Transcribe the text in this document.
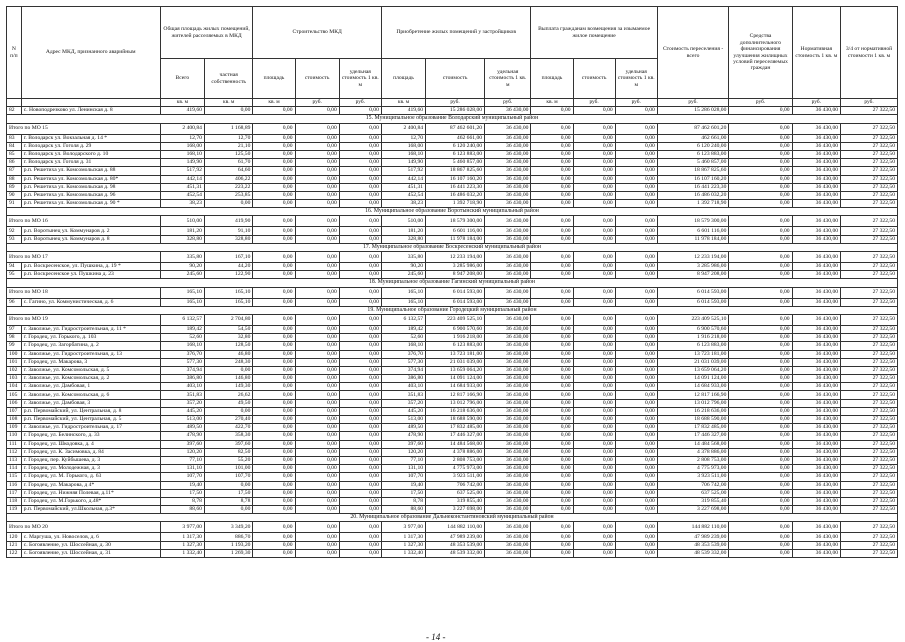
N п/п	Адрес МКД, признанного аварийным	Общая площадь жилых помещений, жителей расселяемых в МКД		Строительство МКД			Приобретение жилых помещений у застройщиков			Выплата гражданам возмещения за изымаемое жилое помещение			Стоимость переселения - всего	Средства дополнительного финансирования улучшения жилищных условий переселяемых граждан	Нормативная стоимость 1 кв. м	3/4 от нормативной стоимости 1 кв. м
		Всего	частная собственность	площадь	стоимость	удельная стоимость 1 кв. м	площадь	стоимость	удельная стоимость 1 кв. м	площадь	стоимость	удельная стоимость 1 кв. м				
		кв. м	кв. м	кв. м	руб.	руб.	кв. м	руб.	руб.	кв. м	руб.	руб.	руб.	руб.	руб.	руб.
82	с. Новоподрезково ул. Ленинская д. 8	419,60	0,00	0,00	0,00	0,00	419,60	15 286 028,00	36 430,00	0,00	0,00	0,00	15 286 028,00	0,00	36 430,00	27 322,50
15. Муниципальное образование Володарский муниципальный район																
Итого по МО 15		2 400,84	1 168,89	0,00	0,00	0,00	2 400,84	87 462 601,20	36 430,00	0,00	0,00	0,00	87 462 601,20	0,00	36 430,00	27 322,50
83	г. Володарск ул. Вокзальная д. 14 *	12,70	12,70	0,00	0,00	0,00	12,70	462 661,00	36 430,00	0,00	0,00	0,00	462 661,00	0,00	36 430,00	27 322,50
84	г. Володарск ул. Гоголя д. 29	168,00	21,10	0,00	0,00	0,00	168,00	6 120 240,00	36 430,00	0,00	0,00	0,00	6 120 240,00	0,00	36 430,00	27 322,50
85	г. Володарск ул. Володарского д. 10	168,10	125,50	0,00	0,00	0,00	168,10	6 123 883,00	36 430,00	0,00	0,00	0,00	6 123 883,00	0,00	36 430,00	27 322,50
86	г. Володарск ул. Гоголя д. 31	149,90	61,70	0,00	0,00	0,00	149,90	5 460 857,00	36 430,00	0,00	0,00	0,00	5 460 857,00	0,00	36 430,00	27 322,50
87	р.п. Решетиха ул. Комсомольская д. 88	517,92	64,60	0,00	0,00	0,00	517,92	18 867 825,60	36 430,00	0,00	0,00	0,00	18 867 825,60	0,00	36 430,00	27 322,50
88	р.п. Решетиха ул. Комсомольская д. 80*	442,14	406,22	0,00	0,00	0,00	442,14	16 107 160,20	36 430,00	0,00	0,00	0,00	16 107 160,20	0,00	36 430,00	27 322,50
89	р.п. Решетиха ул. Комсомольская д. 98	451,31	223,22	0,00	0,00	0,00	451,31	16 441 223,30	36 430,00	0,00	0,00	0,00	16 441 223,30	0,00	36 430,00	27 322,50
90	р.п. Решетиха ул. Комсомольская д. 96	452,54	253,85	0,00	0,00	0,00	452,54	16 486 032,20	36 430,00	0,00	0,00	0,00	16 486 032,20	0,00	36 430,00	27 322,50
91	р.п. Решетиха ул. Комсомольская д. 90 *	38,23	0,00	0,00	0,00	0,00	38,23	1 392 718,90	36 430,00	0,00	0,00	0,00	1 392 718,90	0,00	36 430,00	27 322,50
16. Муниципальное образование Воротынский муниципальный район																
Итого по МО 16		510,00	419,90	0,00	0,00	0,00	510,00	18 579 300,00	36 430,00	0,00	0,00	0,00	18 579 300,00	0,00	36 430,00	27 322,50
92	р.п. Воротынец ул. Коммунаров д. 2	181,20	91,10	0,00	0,00	0,00	181,20	6 601 116,00	36 430,00	0,00	0,00	0,00	6 601 116,00	0,00	36 430,00	27 322,50
93	р.п. Воротынец ул. Коммунаров д. 8	328,80	328,80	0,00	0,00	0,00	328,80	11 978 184,00	36 430,00	0,00	0,00	0,00	11 978 184,00	0,00	36 430,00	27 322,50
17. Муниципальное образование Воскресенский муниципальный район																
Итого по МО 17		335,80	167,10	0,00	0,00	0,00	335,80	12 233 194,00	36 430,00	0,00	0,00	0,00	12 233 194,00	0,00	36 430,00	27 322,50
94	р.п. Воскресенское, ул. Пушкина, д. 19 *	90,20	44,20	0,00	0,00	0,00	90,20	3 285 986,00	36 430,00	0,00	0,00	0,00	3 285 986,00	0,00	36 430,00	27 322,50
95	р.п. Воскресенское ул. Пушкина д. 23	245,60	122,90	0,00	0,00	0,00	245,60	8 947 208,00	36 430,00	0,00	0,00	0,00	8 947 208,00	0,00	36 430,00	27 322,50
18. Муниципальное образование Гагинский муниципальный район																
Итого по МО 18		165,10	165,10	0,00	0,00	0,00	165,10	6 014 593,00	36 430,00	0,00	0,00	0,00	6 014 593,00	0,00	36 430,00	27 322,50
96	с. Гагино, ул. Коммунистическая, д. 6	165,10	165,10	0,00	0,00	0,00	165,10	6 014 593,00	36 430,00	0,00	0,00	0,00	6 014 593,00	0,00	36 430,00	27 322,50
19. Муниципальное образование Городецкий муниципальный район																
Итого по МО 19		6 132,57	2 704,80	0,00	0,00	0,00	6 132,57	223 409 525,10	36 430,00	0,00	0,00	0,00	223 409 525,10	0,00	36 430,00	27 322,50
97	г. Заволжье, ул. Гидростроительная, д. 11 *	189,42	54,50	0,00	0,00	0,00	189,42	6 900 570,60	36 430,00	0,00	0,00	0,00	6 900 570,60	0,00	36 430,00	27 322,50
98	г. Городец, ул. Горького, д. 103	52,60	32,80	0,00	0,00	0,00	52,60	1 916 218,00	36 430,00	0,00	0,00	0,00	1 916 218,00	0,00	36 430,00	27 322,50
99	г. Городец, ул. Загорбатина, д. 2	168,10	128,50	0,00	0,00	0,00	168,10	6 123 883,00	36 430,00	0,00	0,00	0,00	6 123 883,00	0,00	36 430,00	27 322,50
100	г. Заволжье, ул. Гидростроительная, д. 13	376,70	46,80	0,00	0,00	0,00	376,70	13 723 181,00	36 430,00	0,00	0,00	0,00	13 723 181,00	0,00	36 430,00	27 322,50
101	г. Городец, ул. Макарова, 3	577,30	248,30	0,00	0,00	0,00	577,30	21 031 039,00	36 430,00	0,00	0,00	0,00	21 031 039,00	0,00	36 430,00	27 322,50
102	г. Заволжье, ул. Комсомольская, д. 5	374,94	0,00	0,00	0,00	0,00	374,94	13 659 064,20	36 430,00	0,00	0,00	0,00	13 659 064,20	0,00	36 430,00	27 322,50
103	г. Заволжье, ул. Комсомольская, д. 2	386,80	146,80	0,00	0,00	0,00	386,80	14 091 124,00	36 430,00	0,00	0,00	0,00	14 091 124,00	0,00	36 430,00	27 322,50
104	г. Заволжье, ул. Дамбовая, 1	403,10	149,30	0,00	0,00	0,00	403,10	14 684 933,00	36 430,00	0,00	0,00	0,00	14 684 933,00	0,00	36 430,00	27 322,50
105	г. Заволжье, ул. Комсомольская, д. 6	351,83	26,62	0,00	0,00	0,00	351,83	12 817 166,90	36 430,00	0,00	0,00	0,00	12 817 166,90	0,00	36 430,00	27 322,50
106	г. Заволжье, ул. Дамбовая, 3	357,20	49,50	0,00	0,00	0,00	357,20	13 012 796,00	36 430,00	0,00	0,00	0,00	13 012 796,00	0,00	36 430,00	27 322,50
107	р.п. Первомайский, ул. Центральная, д. 8	445,20	0,00	0,00	0,00	0,00	445,20	16 218 636,00	36 430,00	0,00	0,00	0,00	16 218 636,00	0,00	36 430,00	27 322,50
108	р.п. Первомайский, ул. Центральная, д. 5	513,00	270,40	0,00	0,00	0,00	513,00	18 688 590,00	36 430,00	0,00	0,00	0,00	18 688 590,00	0,00	36 430,00	27 322,50
109	г. Заволжье, ул. Гидростроительная, д. 17	489,50	422,70	0,00	0,00	0,00	489,50	17 832 485,00	36 430,00	0,00	0,00	0,00	17 832 485,00	0,00	36 430,00	27 322,50
110	г. Городец, ул. Белинского, д. 33	478,90	358,30	0,00	0,00	0,00	478,90	17 446 327,00	36 430,00	0,00	0,00	0,00	17 446 327,00	0,00	36 430,00	27 322,50
111	г. Городец, ул. Шкодовка, д. 4	397,60	397,60	0,00	0,00	0,00	397,60	14 484 568,00	36 430,00	0,00	0,00	0,00	14 484 568,00	0,00	36 430,00	27 322,50
112	г. Городец, ул. К. Засимовка, д. 84	120,20	82,50	0,00	0,00	0,00	120,20	4 378 886,00	36 430,00	0,00	0,00	0,00	4 378 886,00	0,00	36 430,00	27 322,50
113	г. Городец, пер. Куйбышева, д. 3	77,10	55,20	0,00	0,00	0,00	77,10	2 808 753,00	36 430,00	0,00	0,00	0,00	2 808 753,00	0,00	36 430,00	27 322,50
114	г. Городец, ул. Молодежная, д. 3	131,10	101,00	0,00	0,00	0,00	131,10	4 775 973,00	36 430,00	0,00	0,00	0,00	4 775 973,00	0,00	36 430,00	27 322,50
115	г. Городец, ул. М. Горького, д. 63	107,70	107,70	0,00	0,00	0,00	107,70	3 923 511,00	36 430,00	0,00	0,00	0,00	3 923 511,00	0,00	36 430,00	27 322,50
116	г. Городец, ул. Макарова, д 4*	19,40	0,00	0,00	0,00	0,00	19,40	706 742,00	36 430,00	0,00	0,00	0,00	706 742,00	0,00	36 430,00	27 322,50
117	г. Городец, ул. Нижняя Полевая, д.11*	17,50	17,50	0,00	0,00	0,00	17,50	637 525,00	36 430,00	0,00	0,00	0,00	637 525,00	0,00	36 430,00	27 322,50
118	г. Городец, ул. М.Горького, д.48*	8,78	8,78	0,00	0,00	0,00	8,78	319 855,40	36 430,00	0,00	0,00	0,00	319 855,40	0,00	36 430,00	27 322,50
119	р.п. Первомайский, ул.Школьная, д.3*	88,60	0,00	0,00	0,00	0,00	88,60	3 227 698,00	36 430,00	0,00	0,00	0,00	3 227 698,00	0,00	36 430,00	27 322,50
20. Муниципальное образование Дальнеконстантиновский муниципальный район																
Итого по МО 20		3 977,00	3 349,20	0,00	0,00	0,00	3 977,00	144 882 110,00	36 430,00	0,00	0,00	0,00	144 882 110,00	0,00	36 430,00	27 322,50
120	с. Маргуша, ул. Новоселов, д. 6	1 317,30	886,70	0,00	0,00	0,00	1 317,30	47 989 239,00	36 430,00	0,00	0,00	0,00	47 989 239,00	0,00	36 430,00	27 322,50
121	с. Богоявление, ул. Шоссейная, д. 30	1 327,30	1 193,20	0,00	0,00	0,00	1 327,30	48 353 539,00	36 430,00	0,00	0,00	0,00	48 353 539,00	0,00	36 430,00	27 322,50
122	с. Богоявление, ул. Шоссейная, д. 31	1 332,40	1 269,30	0,00	0,00	0,00	1 332,40	48 539 332,00	36 430,00	0,00	0,00	0,00	48 539 332,00	0,00	36 430,00	27 322,50
- 14 -
